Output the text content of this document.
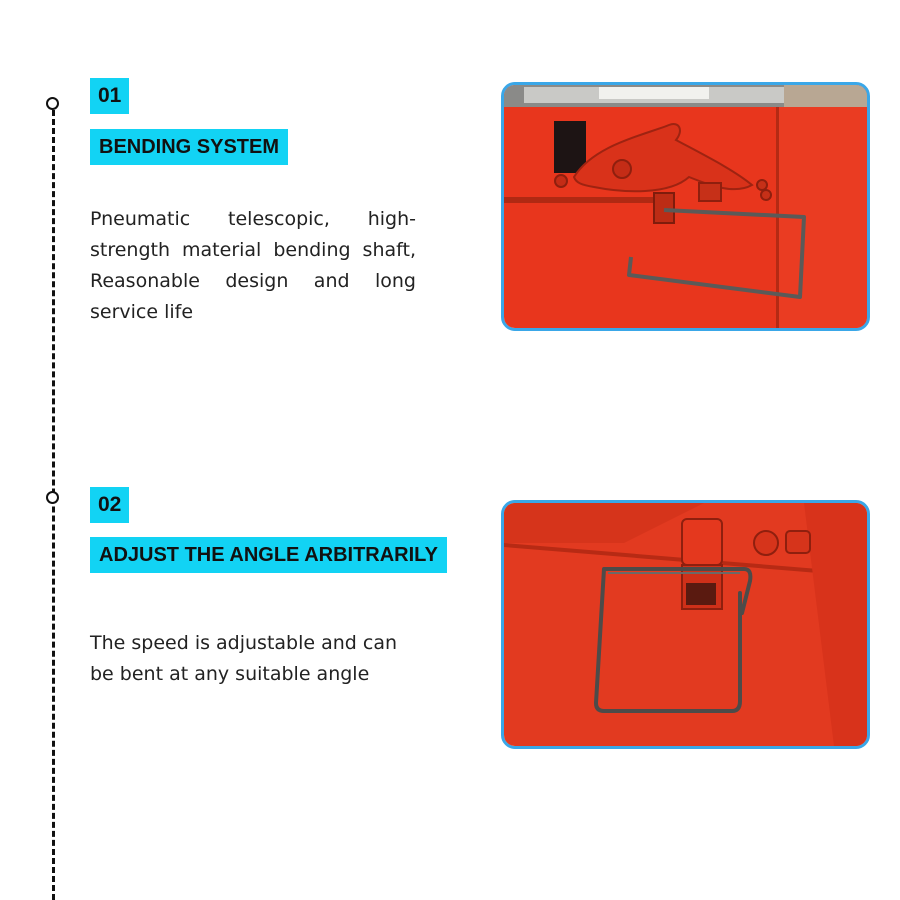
01
BENDING SYSTEM

Pneumatic telescopic, high-strength material bending shaft, Reasonable design and long service life

02
ADJUST THE ANGLE ARBITRARILY

The speed is adjustable and can be bent at any suitable angle
